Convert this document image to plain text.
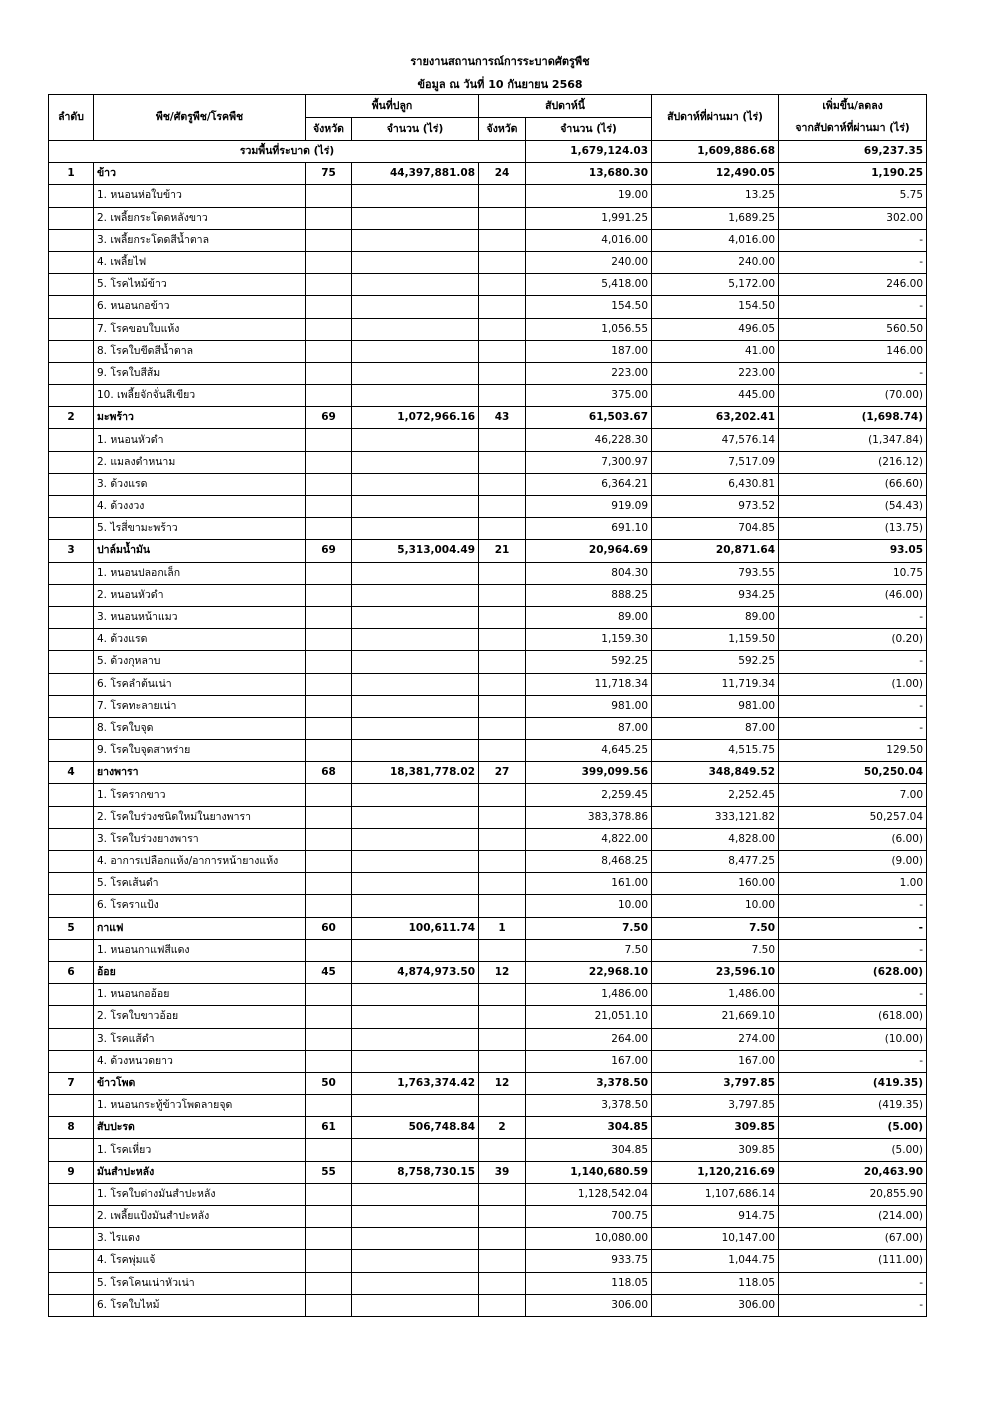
รายงานสถานการณ์การระบาดศัตรูพืช
ข้อมูล ณ วันที่ 10 กันยายน 2568
ลำดับ	พืช/ศัตรูพืช/โรคพืช	พื้นที่ปลูก		สัปดาห์นี้		สัปดาห์ที่ผ่านมา (ไร่)	เพิ่มขึ้น/ลดลง
		จังหวัด	จำนวน (ไร่)	จังหวัด	จำนวน (ไร่)		จากสัปดาห์ที่ผ่านมา (ไร่)
รวมพื้นที่ระบาด (ไร่)					1,679,124.03	1,609,886.68	69,237.35
1	ข้าว	75	44,397,881.08	24	13,680.30	12,490.05	1,190.25
	1. หนอนห่อใบข้าว				19.00	13.25	5.75
	2. เพลี้ยกระโดดหลังขาว				1,991.25	1,689.25	302.00
	3. เพลี้ยกระโดดสีน้ำตาล				4,016.00	4,016.00	-
	4. เพลี้ยไฟ				240.00	240.00	-
	5. โรคไหม้ข้าว				5,418.00	5,172.00	246.00
	6. หนอนกอข้าว				154.50	154.50	-
	7. โรคขอบใบแห้ง				1,056.55	496.05	560.50
	8. โรคใบขีดสีน้ำตาล				187.00	41.00	146.00
	9. โรคใบสีส้ม				223.00	223.00	-
	10. เพลี้ยจักจั่นสีเขียว				375.00	445.00	(70.00)
2	มะพร้าว	69	1,072,966.16	43	61,503.67	63,202.41	(1,698.74)
	1. หนอนหัวดำ				46,228.30	47,576.14	(1,347.84)
	2. แมลงดำหนาม				7,300.97	7,517.09	(216.12)
	3. ด้วงแรด				6,364.21	6,430.81	(66.60)
	4. ด้วงงวง				919.09	973.52	(54.43)
	5. ไรสี่ขามะพร้าว				691.10	704.85	(13.75)
3	ปาล์มน้ำมัน	69	5,313,004.49	21	20,964.69	20,871.64	93.05
	1. หนอนปลอกเล็ก				804.30	793.55	10.75
	2. หนอนหัวดำ				888.25	934.25	(46.00)
	3. หนอนหน้าแมว				89.00	89.00	-
	4. ด้วงแรด				1,159.30	1,159.50	(0.20)
	5. ด้วงกุหลาบ				592.25	592.25	-
	6. โรคลำต้นเน่า				11,718.34	11,719.34	(1.00)
	7. โรคทะลายเน่า				981.00	981.00	-
	8. โรคใบจุด				87.00	87.00	-
	9. โรคใบจุดสาหร่าย				4,645.25	4,515.75	129.50
4	ยางพารา	68	18,381,778.02	27	399,099.56	348,849.52	50,250.04
	1. โรครากขาว				2,259.45	2,252.45	7.00
	2. โรคใบร่วงชนิดใหม่ในยางพารา				383,378.86	333,121.82	50,257.04
	3. โรคใบร่วงยางพารา				4,822.00	4,828.00	(6.00)
	4. อาการเปลือกแห้ง/อาการหน้ายางแห้ง				8,468.25	8,477.25	(9.00)
	5. โรคเส้นดำ				161.00	160.00	1.00
	6. โรคราแป้ง				10.00	10.00	-
5	กาแฟ	60	100,611.74	1	7.50	7.50	-
	1. หนอนกาแฟสีแดง				7.50	7.50	-
6	อ้อย	45	4,874,973.50	12	22,968.10	23,596.10	(628.00)
	1. หนอนกออ้อย				1,486.00	1,486.00	-
	2. โรคใบขาวอ้อย				21,051.10	21,669.10	(618.00)
	3. โรคแส้ดำ				264.00	274.00	(10.00)
	4. ด้วงหนวดยาว				167.00	167.00	-
7	ข้าวโพด	50	1,763,374.42	12	3,378.50	3,797.85	(419.35)
	1. หนอนกระทู้ข้าวโพดลายจุด				3,378.50	3,797.85	(419.35)
8	สับปะรด	61	506,748.84	2	304.85	309.85	(5.00)
	1. โรคเหี่ยว				304.85	309.85	(5.00)
9	มันสำปะหลัง	55	8,758,730.15	39	1,140,680.59	1,120,216.69	20,463.90
	1. โรคใบด่างมันสำปะหลัง				1,128,542.04	1,107,686.14	20,855.90
	2. เพลี้ยแป้งมันสำปะหลัง				700.75	914.75	(214.00)
	3. ไรแดง				10,080.00	10,147.00	(67.00)
	4. โรคพุ่มแจ้				933.75	1,044.75	(111.00)
	5. โรคโคนเน่าหัวเน่า				118.05	118.05	-
	6. โรคใบไหม้				306.00	306.00	-
